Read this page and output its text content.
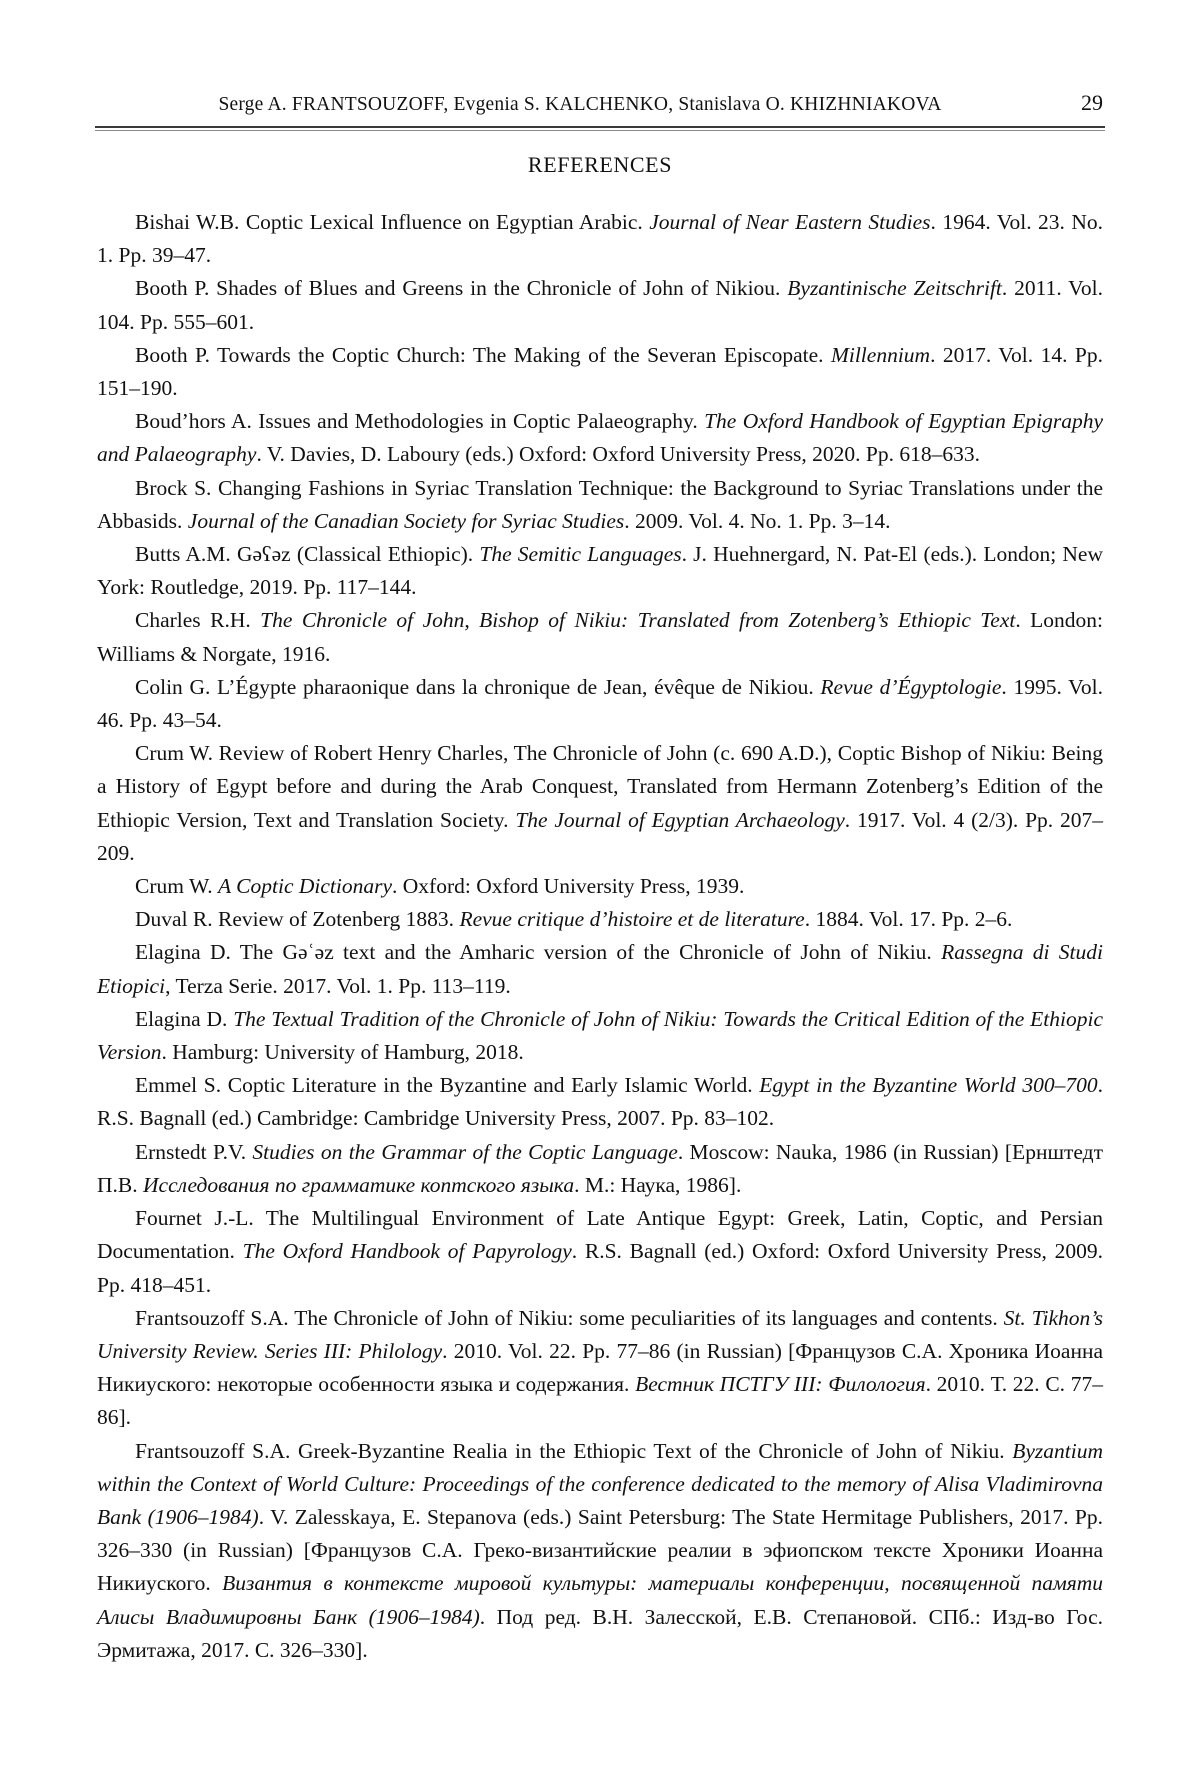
Serge A. FRANTSOUZOFF, Evgenia S. KALCHENKO, Stanislava O. KHIZHNIAKOVA	29
REFERENCES

Bishai W.B. Coptic Lexical Influence on Egyptian Arabic. Journal of Near Eastern Studies. 1964. Vol. 23. No. 1. Pp. 39–47.

Booth P. Shades of Blues and Greens in the Chronicle of John of Nikiou. Byzantinische Zeitschrift. 2011. Vol. 104. Pp. 555–601.

Booth P. Towards the Coptic Church: The Making of the Severan Episcopate. Millennium. 2017. Vol. 14. Pp. 151–190.

Boud’hors A. Issues and Methodologies in Coptic Palaeography. The Oxford Handbook of Egyptian Epigraphy and Palaeography. V. Davies, D. Laboury (eds.) Oxford: Oxford University Press, 2020. Pp. 618–633.

Brock S. Changing Fashions in Syriac Translation Technique: the Background to Syriac Translations under the Abbasids. Journal of the Canadian Society for Syriac Studies. 2009. Vol. 4. No. 1. Pp. 3–14.

Butts A.M. Gəʕəz (Classical Ethiopic). The Semitic Languages. J. Huehnergard, N. Pat-El (eds.). London; New York: Routledge, 2019. Pp. 117–144.

Charles R.H. The Chronicle of John, Bishop of Nikiu: Translated from Zotenberg’s Ethiopic Text. London: Williams & Norgate, 1916.

Colin G. L’Égypte pharaonique dans la chronique de Jean, évêque de Nikiou. Revue d’Égyptologie. 1995. Vol. 46. Pp. 43–54.

Crum W. Review of Robert Henry Charles, The Chronicle of John (c. 690 A.D.), Coptic Bishop of Nikiu: Being a History of Egypt before and during the Arab Conquest, Translated from Hermann Zotenberg’s Edition of the Ethiopic Version, Text and Translation Society. The Journal of Egyptian Archaeology. 1917. Vol. 4 (2/3). Pp. 207–209.

Crum W. A Coptic Dictionary. Oxford: Oxford University Press, 1939.

Duval R. Review of Zotenberg 1883. Revue critique d’histoire et de literature. 1884. Vol. 17. Pp. 2–6.

Elagina D. The Gəʿəz text and the Amharic version of the Chronicle of John of Nikiu. Rassegna di Studi Etiopici, Terza Serie. 2017. Vol. 1. Pp. 113–119.

Elagina D. The Textual Tradition of the Chronicle of John of Nikiu: Towards the Critical Edition of the Ethiopic Version. Hamburg: University of Hamburg, 2018.

Emmel S. Coptic Literature in the Byzantine and Early Islamic World. Egypt in the Byzantine World 300–700. R.S. Bagnall (ed.) Cambridge: Cambridge University Press, 2007. Pp. 83–102.

Ernstedt P.V. Studies on the Grammar of the Coptic Language. Moscow: Nauka, 1986 (in Russian) [Ернштедт П.В. Исследования по грамматике коптского языка. М.: Наука, 1986].

Fournet J.-L. The Multilingual Environment of Late Antique Egypt: Greek, Latin, Coptic, and Persian Documentation. The Oxford Handbook of Papyrology. R.S. Bagnall (ed.) Oxford: Oxford University Press, 2009. Pp. 418–451.

Frantsouzoff S.A. The Chronicle of John of Nikiu: some peculiarities of its languages and contents. St. Tikhon’s University Review. Series III: Philology. 2010. Vol. 22. Pp. 77–86 (in Russian) [Французов С.А. Хроника Иоанна Никиуского: некоторые особенности языка и содержания. Вестник ПСТГУ III: Филология. 2010. Т. 22. С. 77–86].

Frantsouzoff S.A. Greek-Byzantine Realia in the Ethiopic Text of the Chronicle of John of Nikiu. Byzantium within the Context of World Culture: Proceedings of the conference dedicated to the memory of Alisa Vladimirovna Bank (1906–1984). V. Zalesskaya, E. Stepanova (eds.) Saint Petersburg: The State Hermitage Publishers, 2017. Pp. 326–330 (in Russian) [Французов С.А. Греко-византийские реалии в эфиопском тексте Хроники Иоанна Никиуского. Византия в контексте мировой культуры: материалы конференции, посвященной памяти Алисы Владимировны Банк (1906–1984). Под ред. В.Н. Залесской, Е.В. Степановой. СПб.: Изд-во Гос. Эрмитажа, 2017. С. 326–330].
